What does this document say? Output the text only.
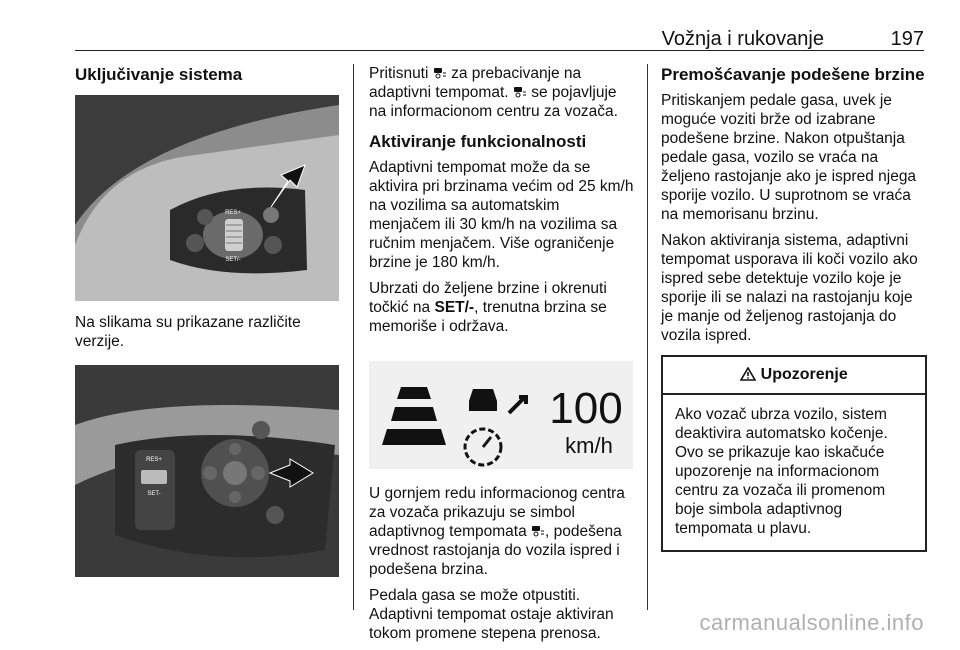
Vožnja i rukovanje	197
Uključivanje sistema
RES+
SET/-

Na slikama su prikazane različite verzije.

RES+
SET-

Pritisnuti za prebacivanje na adaptivni tempomat. se pojavljuje na informacionom centru za vozača.

Aktiviranje funkcionalnosti

Adaptivni tempomat može da se aktivira pri brzinama većim od 25 km/h na vozilima sa automatskim menjačem ili 30 km/h na vozilima sa ručnim menjačem. Više ograničenje brzine je 180 km/h.

Ubrzati do željene brzine i okrenuti točkić na SET/-, trenutna brzina se memoriše i održava.

100
km/h

U gornjem redu informacionog centra za vozača prikazuju se simbol adaptivnog tempomata , podešena vrednost rastojanja do vozila ispred i podešena brzina.

Pedala gasa se može otpustiti. Adaptivni tempomat ostaje aktiviran tokom promene stepena prenosa.

Premošćavanje podešene brzine

Pritiskanjem pedale gasa, uvek je moguće voziti brže od izabrane podešene brzine. Nakon otpuštanja pedale gasa, vozilo se vraća na željeno rastojanje ako je ispred njega sporije vozilo. U suprotnom se vraća na memorisanu brzinu.

Nakon aktiviranja sistema, adaptivni tempomat usporava ili koči vozilo ako ispred sebe detektuje vozilo koje je sporije ili se nalazi na rastojanju koje je manje od željenog rastojanja do vozila ispred.

Upozorenje

Ako vozač ubrza vozilo, sistem deaktivira automatsko kočenje. Ovo se prikazuje kao iskačuće upozorenje na informacionom centru za vozača ili promenom boje simbola adaptivnog tempomata u plavu.

carmanualsonline.info
